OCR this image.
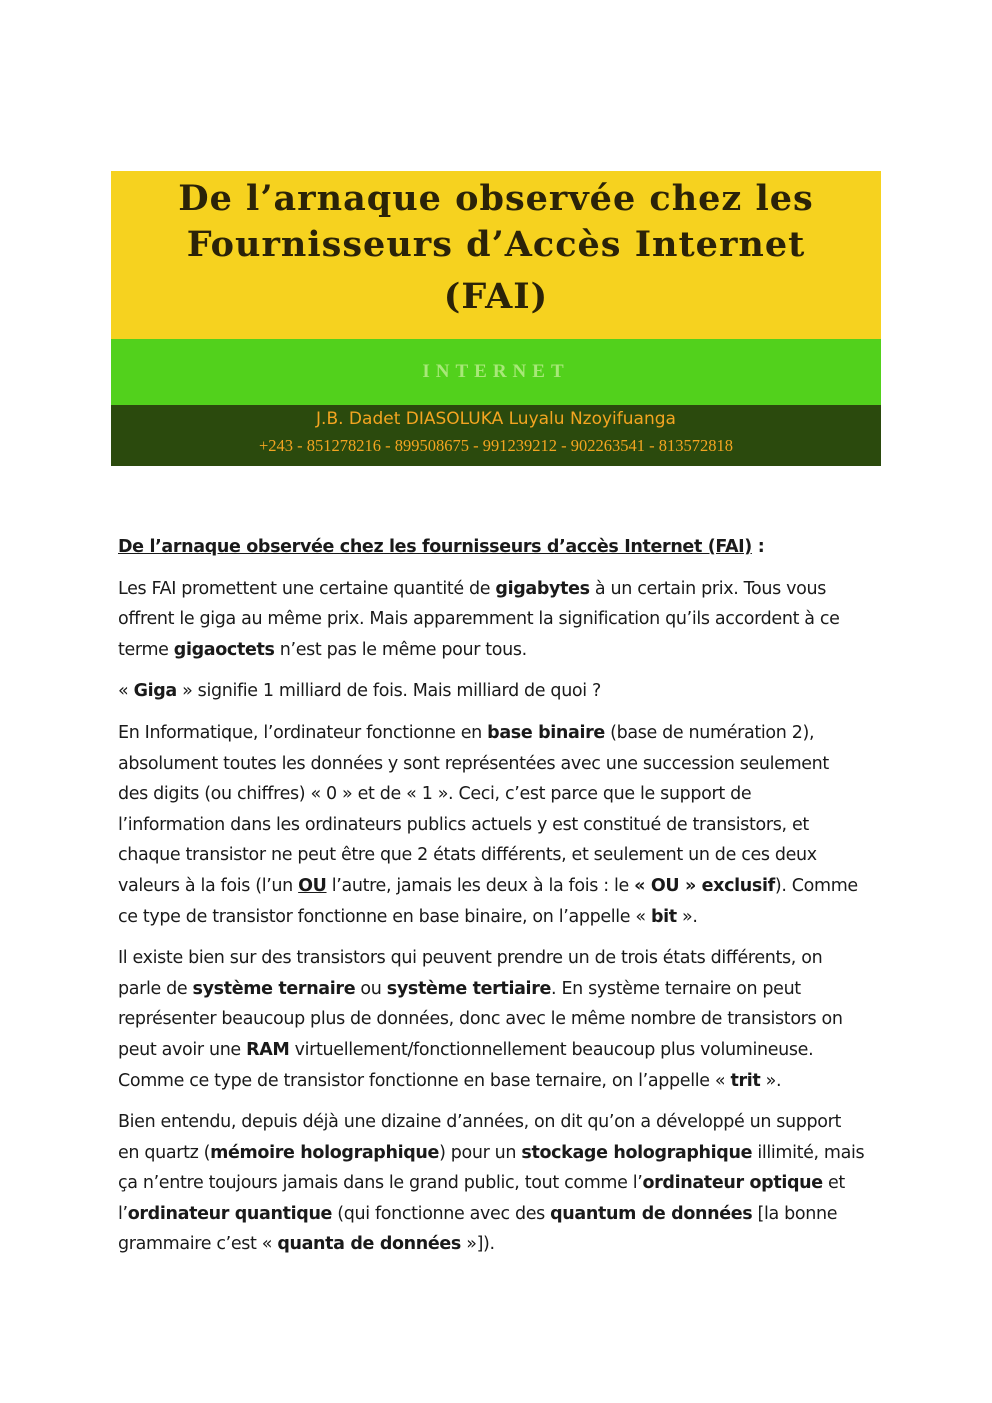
De l’arnaque observée chez les
Fournisseurs d’Accès Internet
(FAI)
INTERNET
J.B. Dadet DIASOLUKA Luyalu Nzoyifuanga
+243 - 851278216 - 899508675 - 991239212 - 902263541 - 813572818
De l’arnaque observée chez les fournisseurs d’accès Internet (FAI) :
Les FAI promettent une certaine quantité de gigabytes à un certain prix. Tous vous
offrent le giga au même prix. Mais apparemment la signification qu’ils accordent à ce
terme gigaoctets n’est pas le même pour tous.
« Giga » signifie 1 milliard de fois. Mais milliard de quoi ?
En Informatique, l’ordinateur fonctionne en base binaire (base de numération 2),
absolument toutes les données y sont représentées avec une succession seulement
des digits (ou chiffres) « 0 » et de « 1 ». Ceci, c’est parce que le support de
l’information dans les ordinateurs publics actuels y est constitué de transistors, et
chaque transistor ne peut être que 2 états différents, et seulement un de ces deux
valeurs à la fois (l’un OU l’autre, jamais les deux à la fois : le « OU » exclusif). Comme
ce type de transistor fonctionne en base binaire, on l’appelle « bit ».
Il existe bien sur des transistors qui peuvent prendre un de trois états différents, on
parle de système ternaire ou système tertiaire. En système ternaire on peut
représenter beaucoup plus de données, donc avec le même nombre de transistors on
peut avoir une RAM virtuellement/fonctionnellement beaucoup plus volumineuse.
Comme ce type de transistor fonctionne en base ternaire, on l’appelle « trit ».
Bien entendu, depuis déjà une dizaine d’années, on dit qu’on a développé un support
en quartz (mémoire holographique) pour un stockage holographique illimité, mais
ça n’entre toujours jamais dans le grand public, tout comme l’ordinateur optique et
l’ordinateur quantique (qui fonctionne avec des quantum de données [la bonne
grammaire c’est « quanta de données »]).
